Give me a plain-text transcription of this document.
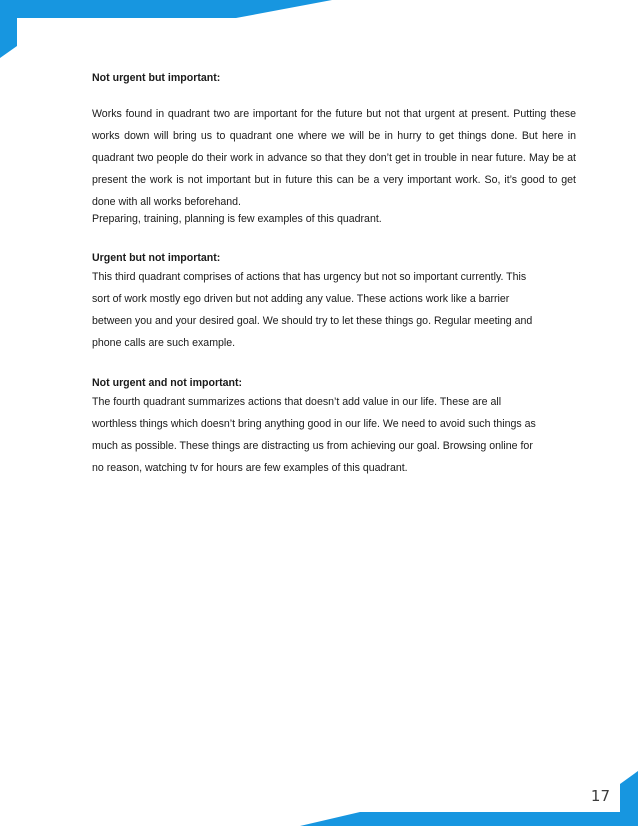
Not urgent but important:

Works found in quadrant two are important for the future but not that urgent at present. Putting these works down will bring us to quadrant one where we will be in hurry to get things done. But here in quadrant two people do their work in advance so that they don’t get in trouble in near future. May be at present the work is not important but in future this can be a very important work. So, it’s good to get done with all works beforehand.

Preparing, training, planning is few examples of this quadrant.

Urgent but not important:

This third quadrant comprises of actions that has urgency but not so important currently. This
sort of work mostly ego driven but not adding any value. These actions work like a barrier
between you and your desired goal. We should try to let these things go. Regular meeting and
phone calls are such example.

Not urgent and not important:

The fourth quadrant summarizes actions that doesn’t add value in our life. These are all
worthless things which doesn’t bring anything good in our life. We need to avoid such things as
much as possible. These things are distracting us from achieving our goal. Browsing online for
no reason, watching tv for hours are few examples of this quadrant.
17
